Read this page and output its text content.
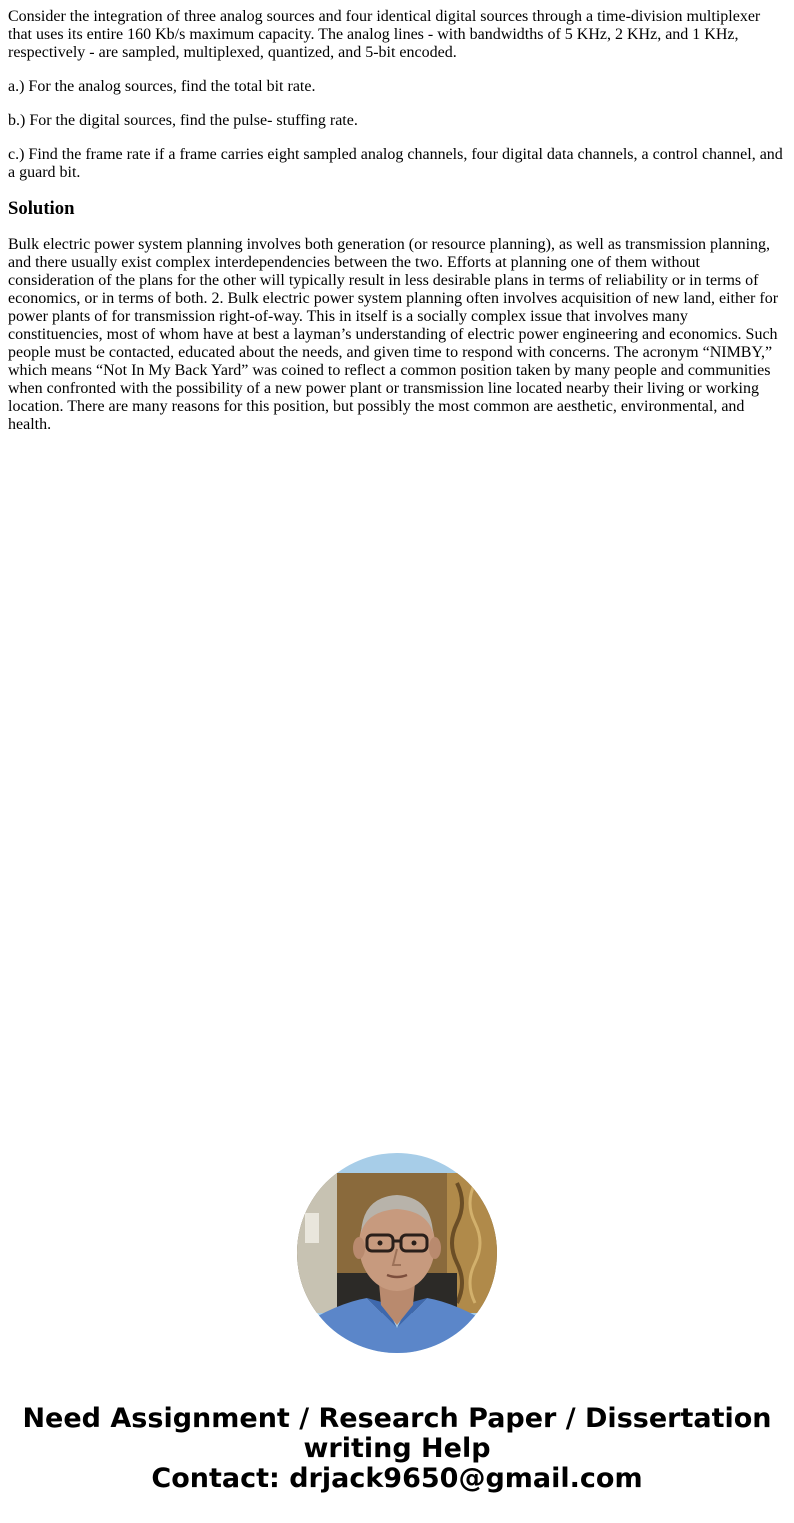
Consider the integration of three analog sources and four identical digital sources through a time-division multiplexer that uses its entire 160 Kb/s maximum capacity. The analog lines - with bandwidths of 5 KHz, 2 KHz, and 1 KHz, respectively - are sampled, multiplexed, quantized, and 5-bit encoded.

a.) For the analog sources, find the total bit rate.

b.) For the digital sources, find the pulse- stuffing rate.

c.) Find the frame rate if a frame carries eight sampled analog channels, four digital data channels, a control channel, and a guard bit.

Solution

Bulk electric power system planning involves both generation (or resource planning), as well as transmission planning, and there usually exist complex interdependencies between the two. Efforts at planning one of them without consideration of the plans for the other will typically result in less desirable plans in terms of reliability or in terms of economics, or in terms of both. 2. Bulk electric power system planning often involves acquisition of new land, either for power plants of for transmission right-of-way. This in itself is a socially complex issue that involves many constituencies, most of whom have at best a layman’s understanding of electric power engineering and economics. Such people must be contacted, educated about the needs, and given time to respond with concerns. The acronym “NIMBY,” which means “Not In My Back Yard” was coined to reflect a common position taken by many people and communities when confronted with the possibility of a new power plant or transmission line located nearby their living or working location. There are many reasons for this position, but possibly the most common are aesthetic, environmental, and health.

Need Assignment / Research Paper / Dissertation
writing Help
Contact: drjack9650@gmail.com
